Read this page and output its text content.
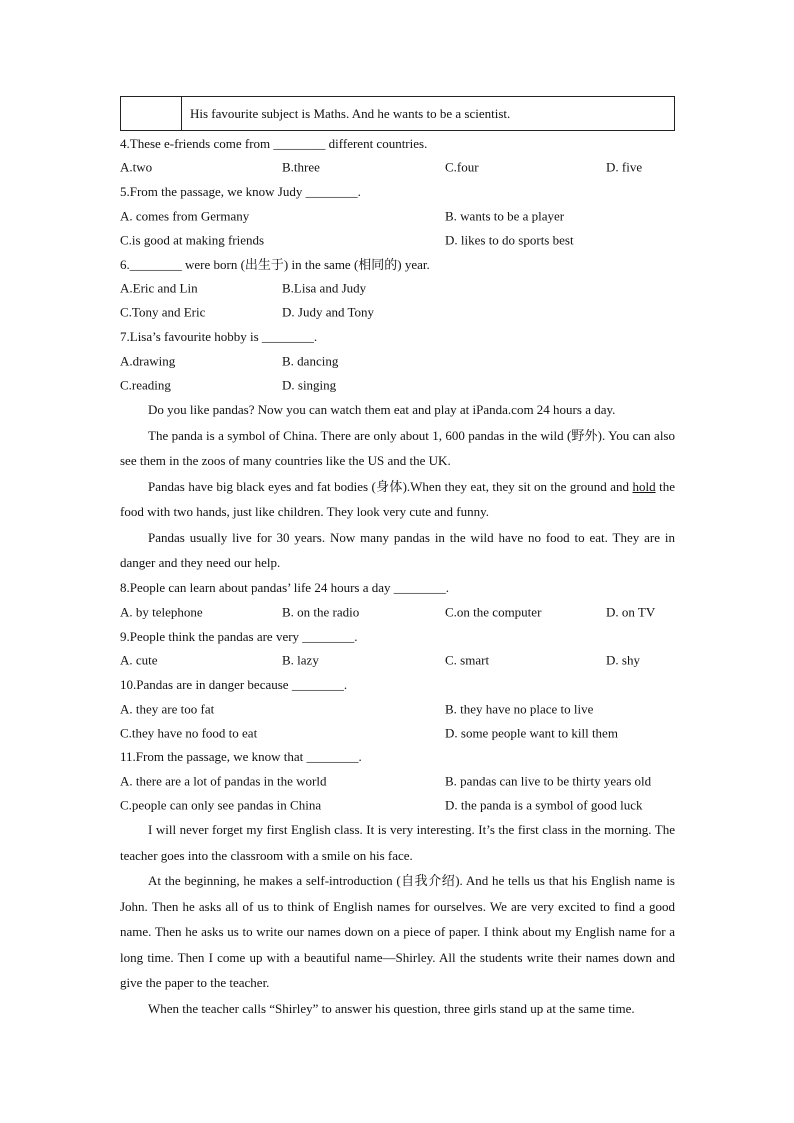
	His favourite subject is Maths. And he wants to be a scientist.
4.These e-friends come from ________ different countries.
A.two	B.three	C.four	D. five
5.From the passage, we know Judy ________.
A. comes from Germany	B. wants to be a player
C.is good at making friends	D. likes to do sports best
6.________ were born (出生于) in the same (相同的) year.
A.Eric and Lin	B.Lisa and Judy
C.Tony and Eric	D. Judy and Tony
7.Lisa’s favourite hobby is ________.
A.drawing	B. dancing
C.reading	D. singing
Do you like pandas? Now you can watch them eat and play at iPanda.com 24 hours a day.
The panda is a symbol of China. There are only about 1, 600 pandas in the wild (野外). You can also see them in the zoos of many countries like the US and the UK.
Pandas have big black eyes and fat bodies (身体).When they eat, they sit on the ground and hold the food with two hands, just like children. They look very cute and funny.
Pandas usually live for 30 years. Now many pandas in the wild have no food to eat. They are in danger and they need our help.
8.People can learn about pandas’ life 24 hours a day ________.
A. by telephone	B. on the radio	C.on the computer	D. on TV
9.People think the pandas are very ________.
A. cute	B. lazy	C. smart	D. shy
10.Pandas are in danger because ________.
A. they are too fat	B. they have no place to live
C.they have no food to eat	D. some people want to kill them
11.From the passage, we know that ________.
A. there are a lot of pandas in the world	B. pandas can live to be thirty years old
C.people can only see pandas in China	D. the panda is a symbol of good luck
I will never forget my first English class. It is very interesting. It’s the first class in the morning. The teacher goes into the classroom with a smile on his face.
At the beginning, he makes a self-introduction (自我介绍). And he tells us that his English name is John. Then he asks all of us to think of English names for ourselves. We are very excited to find a good name. Then he asks us to write our names down on a piece of paper. I think about my English name for a long time. Then I come up with a beautiful name—Shirley. All the students write their names down and give the paper to the teacher.
When the teacher calls “Shirley” to answer his question, three girls stand up at the same time.
